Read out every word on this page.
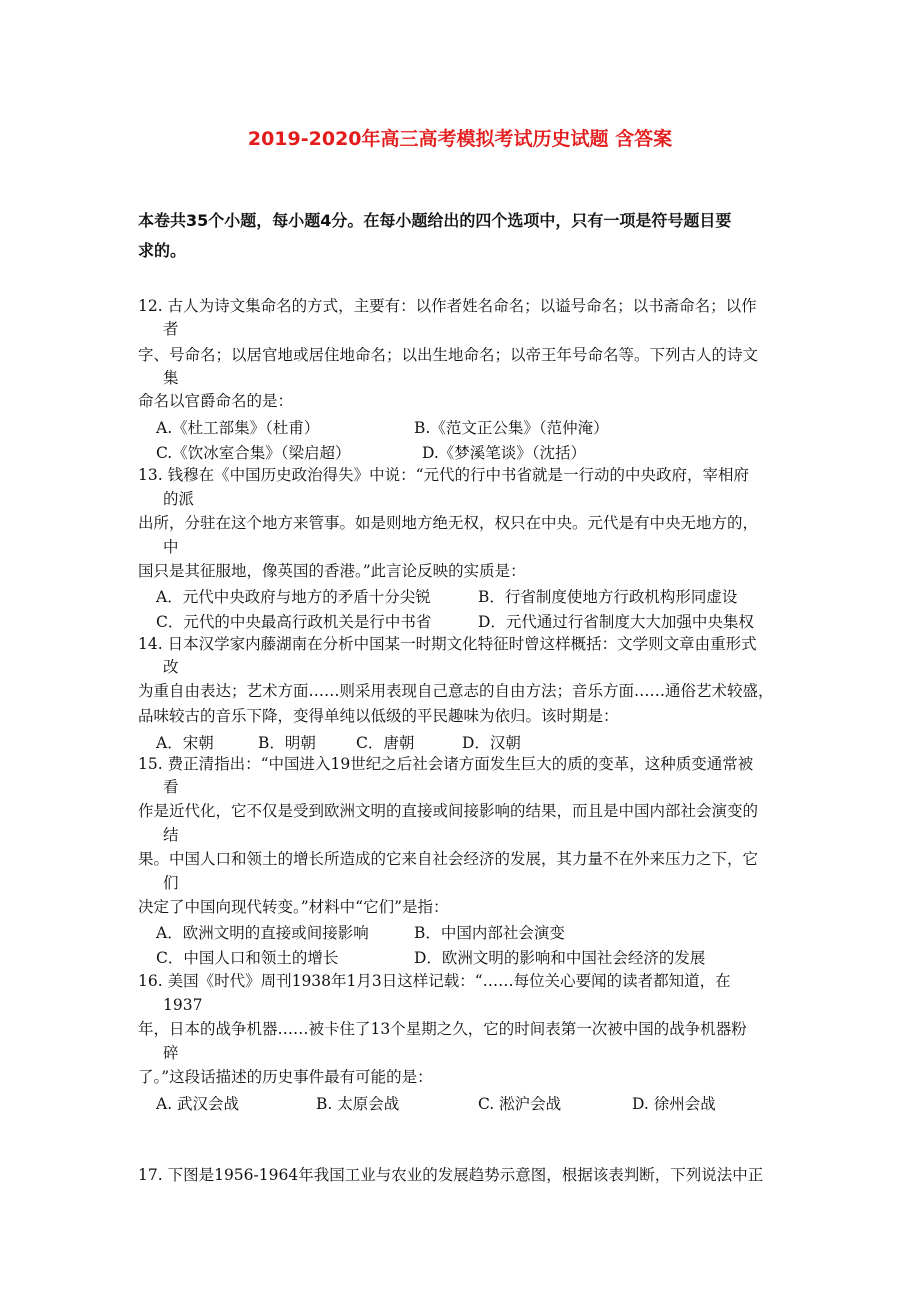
2019-2020年高三高考模拟考试历史试题 含答案
本卷共35个小题，每小题4分。在每小题给出的四个选项中，只有一项是符号题目要
求的。
12. 古人为诗文集命名的方式，主要有：以作者姓名命名；以谥号命名；以书斋命名；以作
者
字、号命名；以居官地或居住地命名；以出生地命名；以帝王年号命名等。下列古人的诗文
集
命名以官爵命名的是：
A.《杜工部集》（杜甫）	B.《范文正公集》（范仲淹）
C.《饮冰室合集》（梁启超）	D.《梦溪笔谈》（沈括）
13. 钱穆在《中国历史政治得失》中说：“元代的行中书省就是一行动的中央政府，宰相府
的派
出所，分驻在这个地方来管事。如是则地方绝无权，权只在中央。元代是有中央无地方的，
中
国只是其征服地，像英国的香港。”此言论反映的实质是：
A．元代中央政府与地方的矛盾十分尖锐	B．行省制度使地方行政机构形同虚设
C．元代的中央最高行政机关是行中书省	D．元代通过行省制度大大加强中央集权
14. 日本汉学家内藤湖南在分析中国某一时期文化特征时曾这样概括：文学则文章由重形式
改
为重自由表达；艺术方面……则采用表现自己意志的自由方法；音乐方面……通俗艺术较盛，
品味较古的音乐下降，变得单纯以低级的平民趣味为依归。该时期是：
A．宋朝	B．明朝	C．唐朝	D．汉朝
15. 费正清指出：“中国进入19世纪之后社会诸方面发生巨大的质的变革，这种质变通常被
看
作是近代化，它不仅是受到欧洲文明的直接或间接影响的结果，而且是中国内部社会演变的
结
果。中国人口和领土的增长所造成的它来自社会经济的发展，其力量不在外来压力之下，它
们
决定了中国向现代转变。”材料中“它们”是指：
A．欧洲文明的直接或间接影响	B．中国内部社会演变
C．中国人口和领土的增长	D．欧洲文明的影响和中国社会经济的发展
16. 美国《时代》周刊1938年1月3日这样记载：“……每位关心要闻的读者都知道，在
1937
年，日本的战争机器……被卡住了13个星期之久，它的时间表第一次被中国的战争机器粉
碎
了。”这段话描述的历史事件最有可能的是：
A. 武汉会战	B. 太原会战	C. 淞沪会战	D. 徐州会战
17. 下图是1956-1964年我国工业与农业的发展趋势示意图，根据该表判断，下列说法中正
